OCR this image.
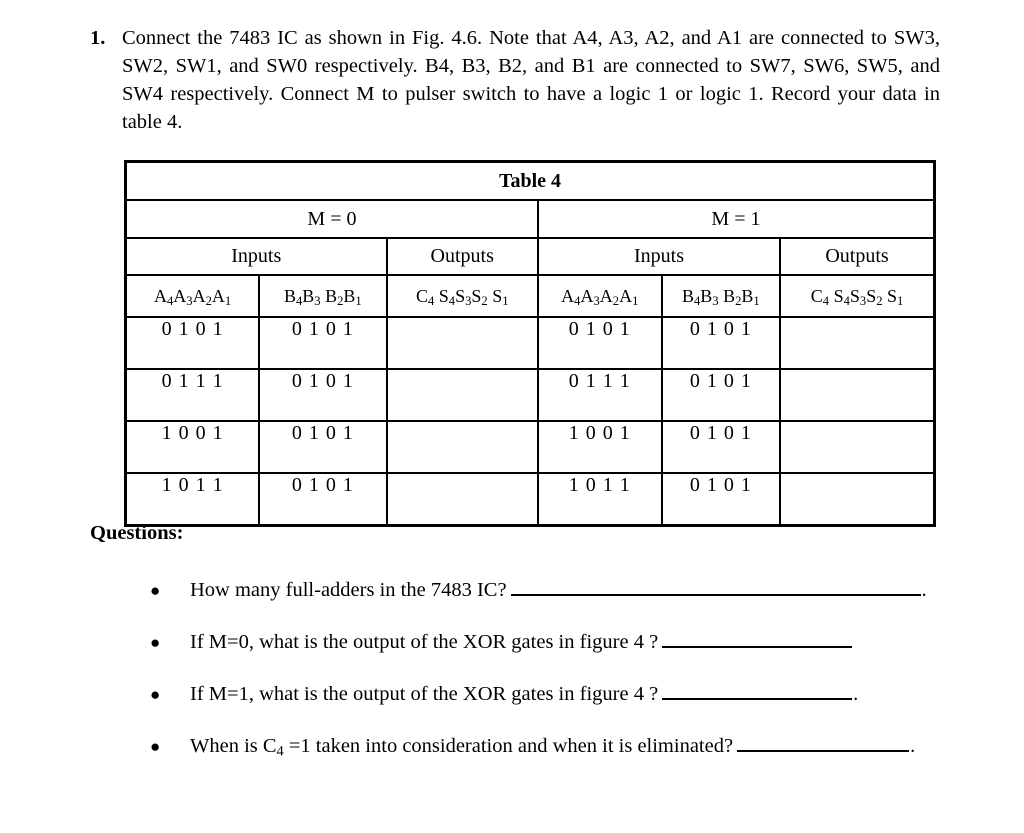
1. Connect the 7483 IC as shown in Fig. 4.6. Note that A4, A3, A2, and A1 are connected to SW3, SW2, SW1, and SW0 respectively. B4, B3, B2, and B1 are connected to SW7, SW6, SW5, and SW4 respectively. Connect M to pulser switch to have a logic 1 or logic 1. Record your data in table 4.
Table 4					
M = 0			M = 1		
Inputs		Outputs	Inputs		Outputs
$A_4A_3A_2A_1$	$B_4B_3$ $B_2B_1$	$C_4$ $S_4S_3S_2$ $S_1$	$A_4A_3A_2A_1$	$B_4B_3$ $B_2B_1$	$C_4$ $S_4S_3S_2$ $S_1$
0 1 0 1	0 1 0 1		0 1 0 1	0 1 0 1	
0 1 1 1	0 1 0 1		0 1 1 1	0 1 0 1	
1 0 0 1	0 1 0 1		1 0 0 1	0 1 0 1	
1 0 1 1	0 1 0 1		1 0 1 1	0 1 0 1	
Questions:
●	How many full-adders in the 7483 IC?	.
●	If M=0, what is the output of the XOR gates in figure 4 ?
●	If M=1, what is the output of the XOR gates in figure 4 ?	.
●	When is $C_4 =1$ taken into consideration and when it is eliminated?	.
